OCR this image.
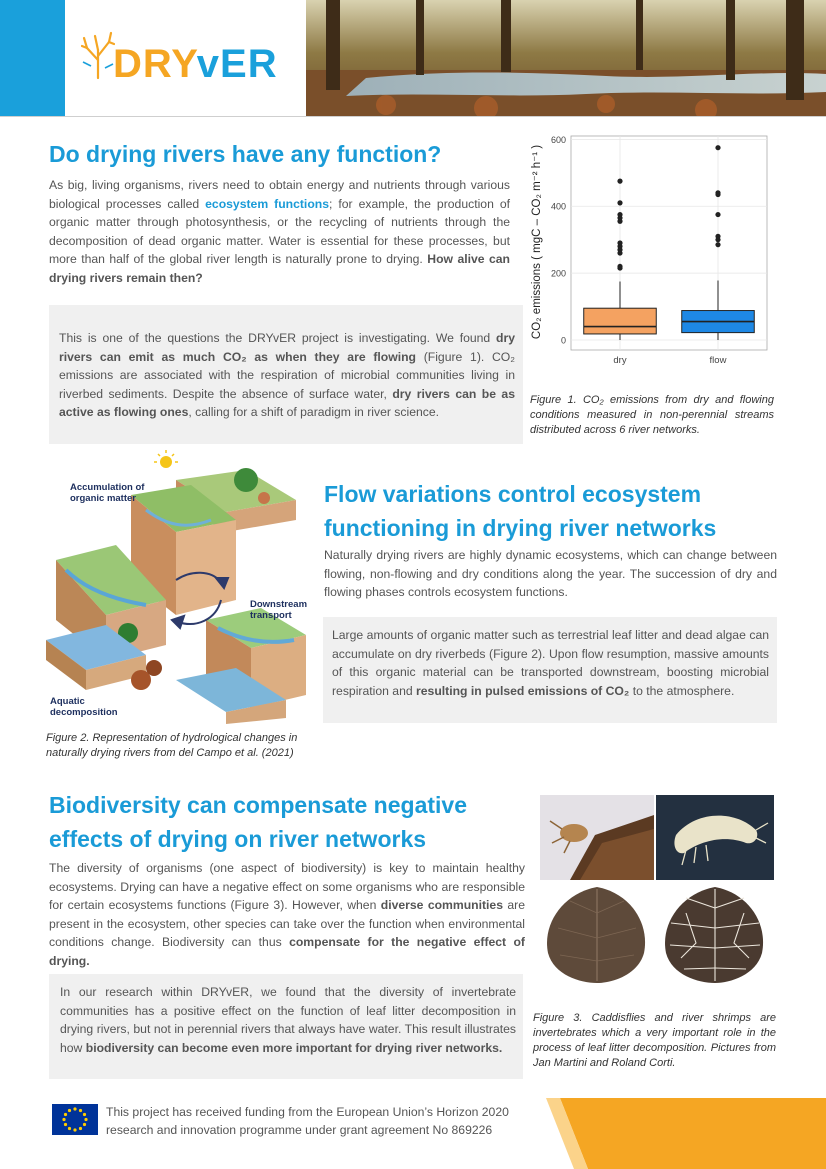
DRYvER
Do drying rivers have any function?

As big, living organisms, rivers need to obtain energy and nutrients through various biological processes called ecosystem functions; for example, the production of organic matter through photosynthesis, or the recycling of nutrients through the decomposition of dead organic matter. Water is essential for these processes, but more than half of the global river length is naturally prone to drying. How alive can drying rivers remain then?

This is one of the questions the DRYvER project is investigating. We found dry rivers can emit as much CO₂ as when they are flowing (Figure 1). CO₂ emissions are associated with the respiration of microbial communities living in riverbed sediments. Despite the absence of surface water, dry rivers can be as active as flowing ones, calling for a shift of paradigm in river science.

CO₂ emissions ( mgC – CO₂ m⁻² h⁻¹ )
0
200
400
600
dry	flow

Figure 1. CO₂ emissions from dry and flowing conditions measured in non-perennial streams distributed across 6 river networks.

Accumulation of organic matter
Downstream transport
Aquatic decomposition

Figure 2. Representation of hydrological changes in naturally drying rivers from del Campo et al. (2021)

Flow variations control ecosystem functioning in drying river networks

Naturally drying rivers are highly dynamic ecosystems, which can change between flowing, non-flowing and dry conditions along the year. The succession of dry and flowing phases controls ecosystem functions.

Large amounts of organic matter such as terrestrial leaf litter and dead algae can accumulate on dry riverbeds (Figure 2). Upon flow resumption, massive amounts of this organic material can be transported downstream, boosting microbial respiration and resulting in pulsed emissions of CO₂ to the atmosphere.

Biodiversity can compensate negative effects of drying on river networks

The diversity of organisms (one aspect of biodiversity) is key to maintain healthy ecosystems. Drying can have a negative effect on some organisms who are responsible for certain ecosystems functions (Figure 3). However, when diverse communities are present in the ecosystem, other species can take over the function when environmental conditions change. Biodiversity can thus compensate for the negative effect of drying.

In our research within DRYvER, we found that the diversity of invertebrate communities has a positive effect on the function of leaf litter decomposition in drying rivers, but not in perennial rivers that always have water. This result illustrates how biodiversity can become even more important for drying river networks.

Figure 3. Caddisflies and river shrimps are invertebrates which a very important role in the process of leaf litter decomposition. Pictures from Jan Martini and Roland Corti.

This project has received funding from the European Union’s Horizon 2020 research and innovation programme under grant agreement No 869226
